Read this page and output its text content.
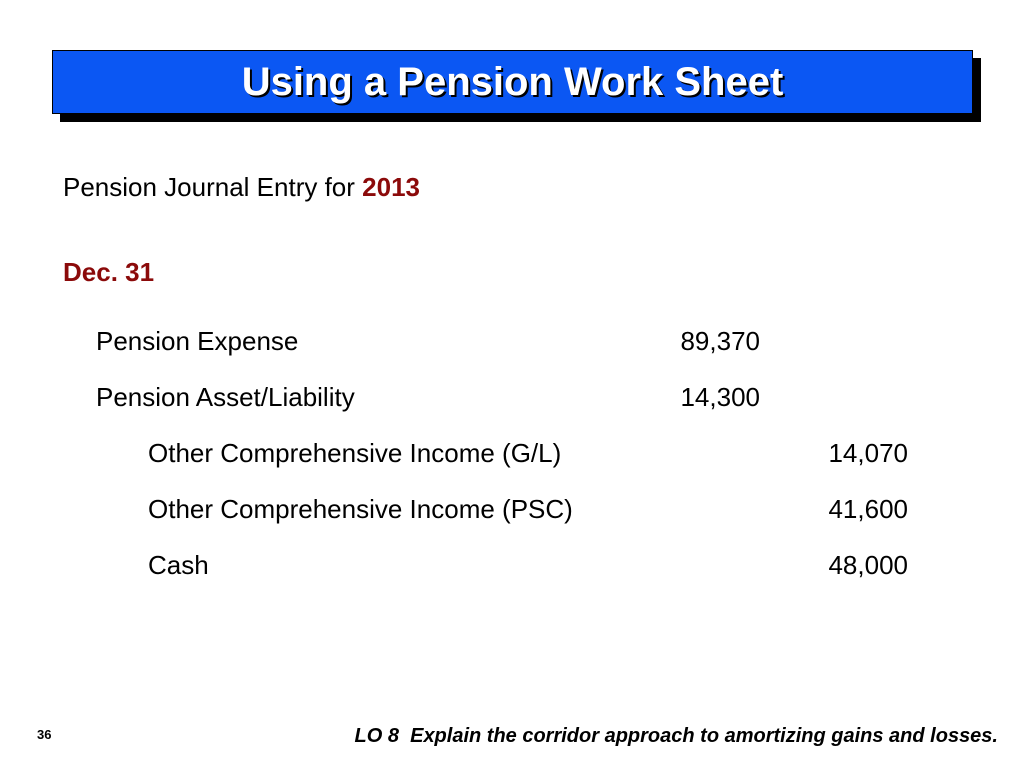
Using a Pension Work Sheet
Pension Journal Entry for 2013
Dec. 31
Pension Expense	89,370
Pension Asset/Liability	14,300
Other Comprehensive Income (G/L)	14,070
Other Comprehensive Income (PSC)	41,600
Cash	48,000
36	LO 8  Explain the corridor approach to amortizing gains and losses.
